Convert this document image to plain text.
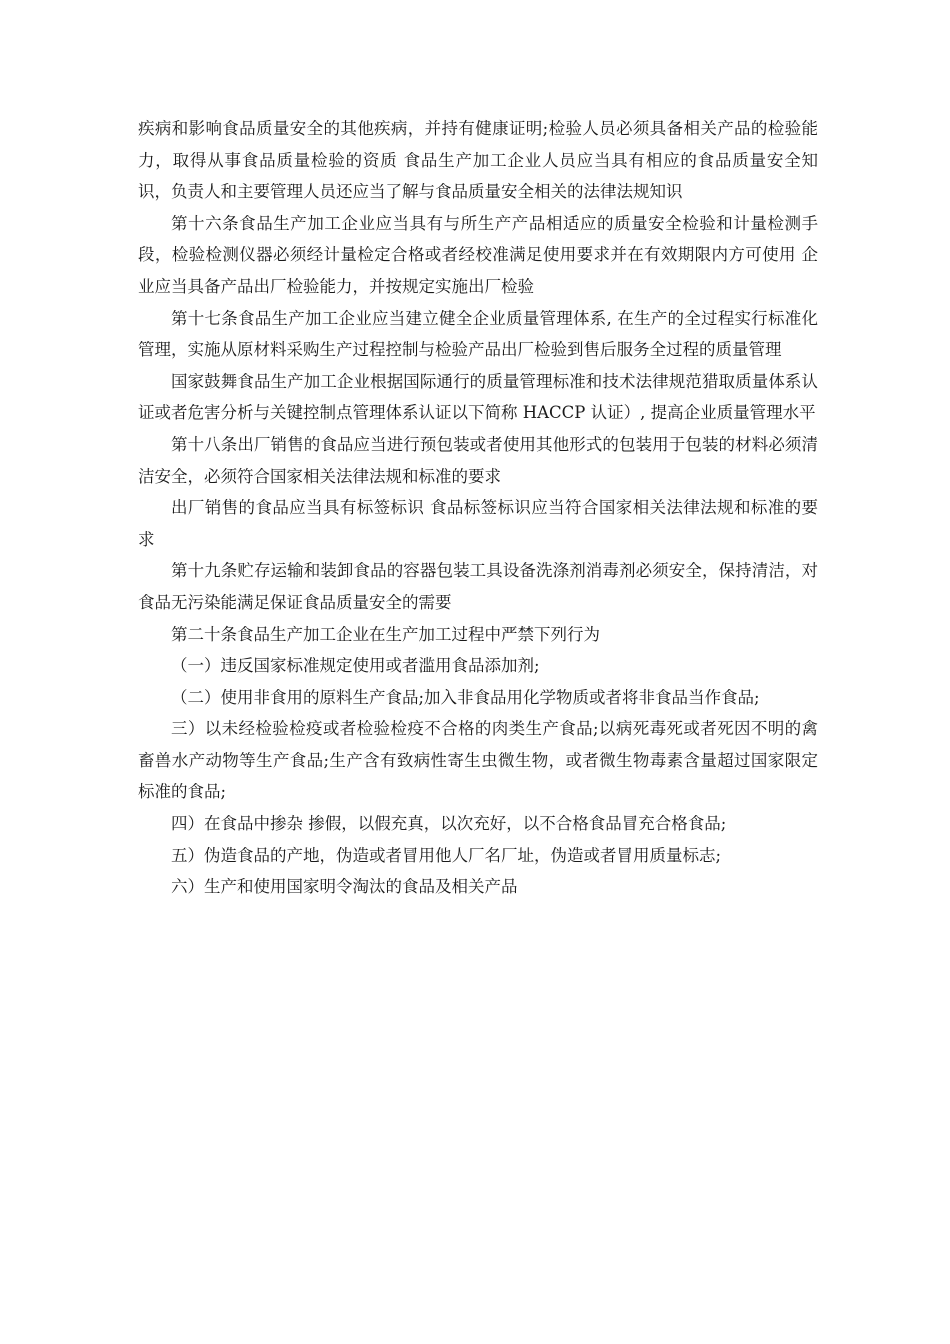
疾病和影响食品质量安全的其他疾病，并持有健康证明;检验人员必须具备相关产品的检验能力，取得从事食品质量检验的资质 食品生产加工企业人员应当具有相应的食品质量安全知识，负责人和主要管理人员还应当了解与食品质量安全相关的法律法规知识

第十六条食品生产加工企业应当具有与所生产产品相适应的质量安全检验和计量检测手段，检验检测仪器必须经计量检定合格或者经校准满足使用要求并在有效期限内方可使用 企业应当具备产品出厂检验能力，并按规定实施出厂检验

第十七条食品生产加工企业应当建立健全企业质量管理体系, 在生产的全过程实行标准化管理，实施从原材料采购生产过程控制与检验产品出厂检验到售后服务全过程的质量管理

国家鼓舞食品生产加工企业根据国际通行的质量管理标准和技术法律规范猎取质量体系认证或者危害分析与关键控制点管理体系认证以下简称 HACCP 认证）, 提高企业质量管理水平

第十八条出厂销售的食品应当进行预包装或者使用其他形式的包装用于包装的材料必须清洁安全，必须符合国家相关法律法规和标准的要求

出厂销售的食品应当具有标签标识 食品标签标识应当符合国家相关法律法规和标准的要求

第十九条贮存运输和装卸食品的容器包装工具设备洗涤剂消毒剂必须安全，保持清洁，对食品无污染能满足保证食品质量安全的需要

第二十条食品生产加工企业在生产加工过程中严禁下列行为

（一）违反国家标准规定使用或者滥用食品添加剂;

（二）使用非食用的原料生产食品;加入非食品用化学物质或者将非食品当作食品;

三）以未经检验检疫或者检验检疫不合格的肉类生产食品;以病死毒死或者死因不明的禽畜兽水产动物等生产食品;生产含有致病性寄生虫微生物，或者微生物毒素含量超过国家限定标准的食品;

四）在食品中掺杂 掺假，以假充真，以次充好，以不合格食品冒充合格食品;

五）伪造食品的产地，伪造或者冒用他人厂名厂址，伪造或者冒用质量标志;

六）生产和使用国家明令淘汰的食品及相关产品
